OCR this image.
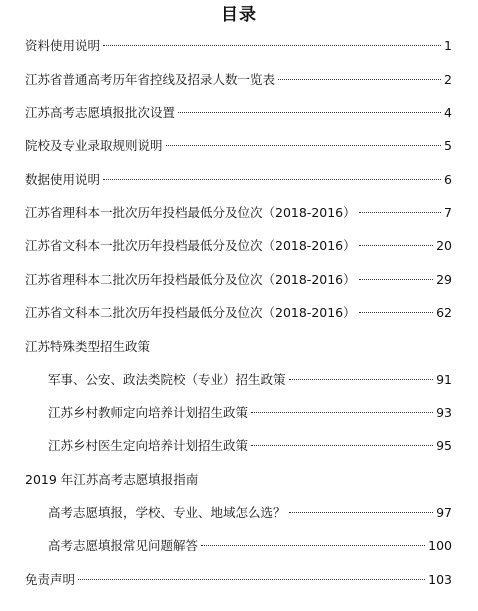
目录
资料使用说明	1
江苏省普通高考历年省控线及招录人数一览表	2
江苏高考志愿填报批次设置	4
院校及专业录取规则说明	5
数据使用说明	6
江苏省理科本一批次历年投档最低分及位次（2018-2016）	7
江苏省文科本一批次历年投档最低分及位次（2018-2016）	20
江苏省理科本二批次历年投档最低分及位次（2018-2016）	29
江苏省文科本二批次历年投档最低分及位次（2018-2016）	62
江苏特殊类型招生政策
军事、公安、政法类院校（专业）招生政策	91
江苏乡村教师定向培养计划招生政策	93
江苏乡村医生定向培养计划招生政策	95
2019 年江苏高考志愿填报指南
高考志愿填报，学校、专业、地域怎么选？	97
高考志愿填报常见问题解答	100
免责声明	103
